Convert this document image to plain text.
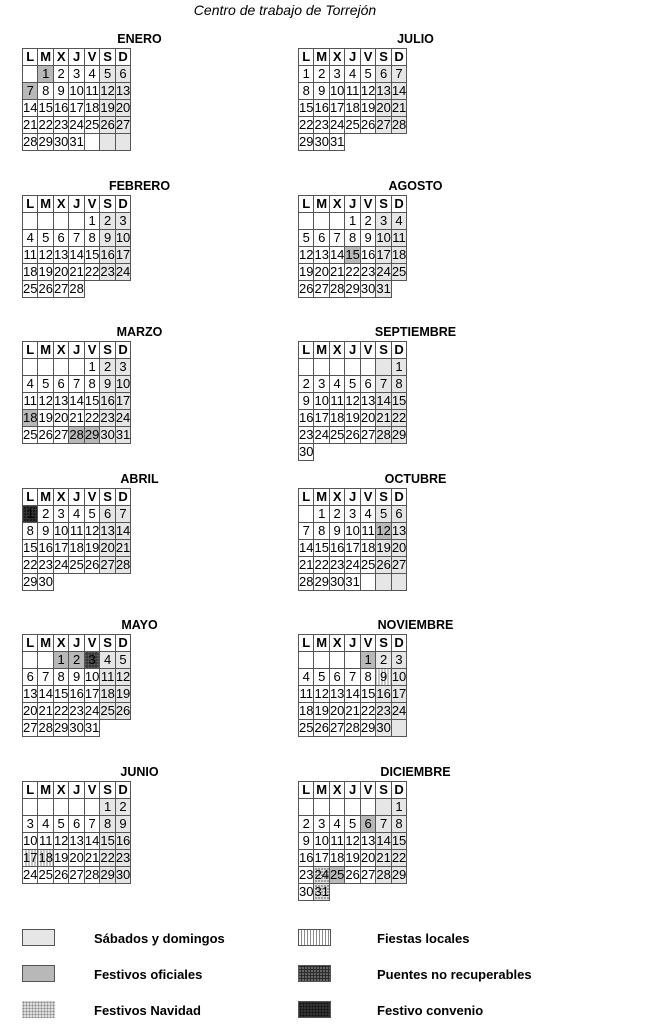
Centro de trabajo de Torrejón
ENERO
L	M	X	J	V	S	D
	1	2	3	4	5	6
7	8	9	10	11	12	13
14	15	16	17	18	19	20
21	22	23	24	25	26	27
28	29	30	31			
JULIO
L	M	X	J	V	S	D
1	2	3	4	5	6	7
8	9	10	11	12	13	14
15	16	17	18	19	20	21
22	23	24	25	26	27	28
29	30	31				
FEBRERO
L	M	X	J	V	S	D
				1	2	3
4	5	6	7	8	9	10
11	12	13	14	15	16	17
18	19	20	21	22	23	24
25	26	27	28			
AGOSTO
L	M	X	J	V	S	D
			1	2	3	4
5	6	7	8	9	10	11
12	13	14	15	16	17	18
19	20	21	22	23	24	25
26	27	28	29	30	31	
MARZO
L	M	X	J	V	S	D
				1	2	3
4	5	6	7	8	9	10
11	12	13	14	15	16	17
18	19	20	21	22	23	24
25	26	27	28	29	30	31
SEPTIEMBRE
L	M	X	J	V	S	D
						1
2	3	4	5	6	7	8
9	10	11	12	13	14	15
16	17	18	19	20	21	22
23	24	25	26	27	28	29
30						
ABRIL
L	M	X	J	V	S	D
1	2	3	4	5	6	7
8	9	10	11	12	13	14
15	16	17	18	19	20	21
22	23	24	25	26	27	28
29	30					
OCTUBRE
L	M	X	J	V	S	D
	1	2	3	4	5	6
7	8	9	10	11	12	13
14	15	16	17	18	19	20
21	22	23	24	25	26	27
28	29	30	31			
MAYO
L	M	X	J	V	S	D
		1	2	3	4	5
6	7	8	9	10	11	12
13	14	15	16	17	18	19
20	21	22	23	24	25	26
27	28	29	30	31		
NOVIEMBRE
L	M	X	J	V	S	D
				1	2	3
4	5	6	7	8	9	10
11	12	13	14	15	16	17
18	19	20	21	22	23	24
25	26	27	28	29	30	
JUNIO
L	M	X	J	V	S	D
					1	2
3	4	5	6	7	8	9
10	11	12	13	14	15	16
17	18	19	20	21	22	23
24	25	26	27	28	29	30
DICIEMBRE
L	M	X	J	V	S	D
						1
2	3	4	5	6	7	8
9	10	11	12	13	14	15
16	17	18	19	20	21	22
23	24	25	26	27	28	29
30	31					
Sábados y domingos	Fiestas locales
Festivos oficiales	Puentes no recuperables
Festivos Navidad	Festivo convenio
